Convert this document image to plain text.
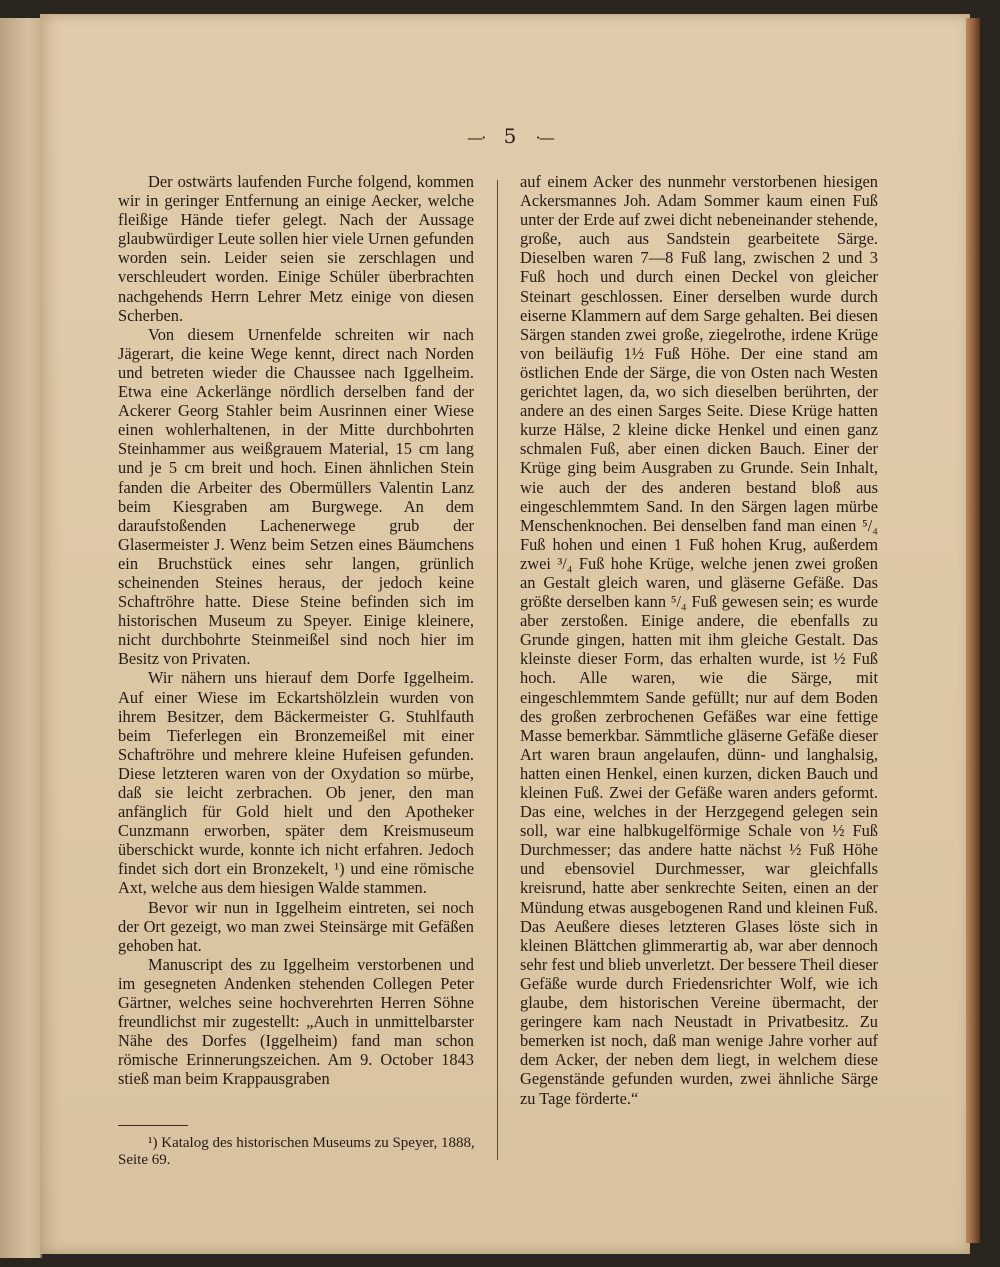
—⋅ 5 ⋅—

Der ostwärts laufenden Furche folgend, kommen wir in geringer Entfernung an einige Aecker, welche fleißige Hände tiefer gelegt. Nach der Aussage glaubwürdiger Leute sollen hier viele Urnen gefunden worden sein. Leider seien sie zerschlagen und verschleudert worden. Einige Schüler überbrachten nachgehends Herrn Lehrer Metz einige von diesen Scherben.

Von diesem Urnenfelde schreiten wir nach Jägerart, die keine Wege kennt, direct nach Norden und betreten wieder die Chaussee nach Iggelheim. Etwa eine Ackerlänge nördlich derselben fand der Ackerer Georg Stahler beim Ausrinnen einer Wiese einen wohlerhaltenen, in der Mitte durchbohrten Steinhammer aus weißgrauem Material, 15 cm lang und je 5 cm breit und hoch. Einen ähnlichen Stein fanden die Arbeiter des Obermüllers Valentin Lanz beim Kiesgraben am Burgwege. An dem daraufstoßenden Lachenerwege grub der Glasermeister J. Wenz beim Setzen eines Bäumchens ein Bruchstück eines sehr langen, grünlich scheinenden Steines heraus, der jedoch keine Schaftröhre hatte. Diese Steine befinden sich im historischen Museum zu Speyer. Einige kleinere, nicht durchbohrte Steinmeißel sind noch hier im Besitz von Privaten.

Wir nähern uns hierauf dem Dorfe Iggelheim. Auf einer Wiese im Eckartshölzlein wurden von ihrem Besitzer, dem Bäckermeister G. Stuhlfauth beim Tieferlegen ein Bronzemeißel mit einer Schaftröhre und mehrere kleine Hufeisen gefunden. Diese letzteren waren von der Oxydation so mürbe, daß sie leicht zerbrachen. Ob jener, den man anfänglich für Gold hielt und den Apotheker Cunzmann erworben, später dem Kreismuseum überschickt wurde, konnte ich nicht erfahren. Jedoch findet sich dort ein Bronzekelt, ¹) und eine römische Axt, welche aus dem hiesigen Walde stammen.

Bevor wir nun in Iggelheim eintreten, sei noch der Ort gezeigt, wo man zwei Steinsärge mit Gefäßen gehoben hat.

Manuscript des zu Iggelheim verstorbenen und im gesegneten Andenken stehenden Collegen Peter Gärtner, welches seine hochverehrten Herren Söhne freundlichst mir zugestellt: „Auch in unmittelbarster Nähe des Dorfes (Iggelheim) fand man schon römische Erinnerungszeichen. Am 9. October 1843 stieß man beim Krappausgraben

auf einem Acker des nunmehr verstorbenen hiesigen Ackersmannes Joh. Adam Sommer kaum einen Fuß unter der Erde auf zwei dicht nebeneinander stehende, große, auch aus Sandstein gearbeitete Särge. Dieselben waren 7—8 Fuß lang, zwischen 2 und 3 Fuß hoch und durch einen Deckel von gleicher Steinart geschlossen. Einer derselben wurde durch eiserne Klammern auf dem Sarge gehalten. Bei diesen Särgen standen zwei große, ziegelrothe, irdene Krüge von beiläufig 1½ Fuß Höhe. Der eine stand am östlichen Ende der Särge, die von Osten nach Westen gerichtet lagen, da, wo sich dieselben berührten, der andere an des einen Sarges Seite. Diese Krüge hatten kurze Hälse, 2 kleine dicke Henkel und einen ganz schmalen Fuß, aber einen dicken Bauch. Einer der Krüge ging beim Ausgraben zu Grunde. Sein Inhalt, wie auch der des anderen bestand bloß aus eingeschlemmtem Sand. In den Särgen lagen mürbe Menschenknochen. Bei denselben fand man einen ⁵/₄ Fuß hohen und einen 1 Fuß hohen Krug, außerdem zwei ³/₄ Fuß hohe Krüge, welche jenen zwei großen an Gestalt gleich waren, und gläserne Gefäße. Das größte derselben kann ⁵/₄ Fuß gewesen sein; es wurde aber zerstoßen. Einige andere, die ebenfalls zu Grunde gingen, hatten mit ihm gleiche Gestalt. Das kleinste dieser Form, das erhalten wurde, ist ½ Fuß hoch. Alle waren, wie die Särge, mit eingeschlemmtem Sande gefüllt; nur auf dem Boden des großen zerbrochenen Gefäßes war eine fettige Masse bemerkbar. Sämmtliche gläserne Gefäße dieser Art waren braun angelaufen, dünn- und langhalsig, hatten einen Henkel, einen kurzen, dicken Bauch und kleinen Fuß. Zwei der Gefäße waren anders geformt. Das eine, welches in der Herzgegend gelegen sein soll, war eine halbkugelförmige Schale von ½ Fuß Durchmesser; das andere hatte nächst ½ Fuß Höhe und ebensoviel Durchmesser, war gleichfalls kreisrund, hatte aber senkrechte Seiten, einen an der Mündung etwas ausgebogenen Rand und kleinen Fuß. Das Aeußere dieses letzteren Glases löste sich in kleinen Blättchen glimmerartig ab, war aber dennoch sehr fest und blieb unverletzt. Der bessere Theil dieser Gefäße wurde durch Friedensrichter Wolf, wie ich glaube, dem historischen Vereine übermacht, der geringere kam nach Neustadt in Privatbesitz. Zu bemerken ist noch, daß man wenige Jahre vorher auf dem Acker, der neben dem liegt, in welchem diese Gegenstände gefunden wurden, zwei ähnliche Särge zu Tage förderte.“

¹) Katalog des historischen Museums zu Speyer, 1888, Seite 69.
